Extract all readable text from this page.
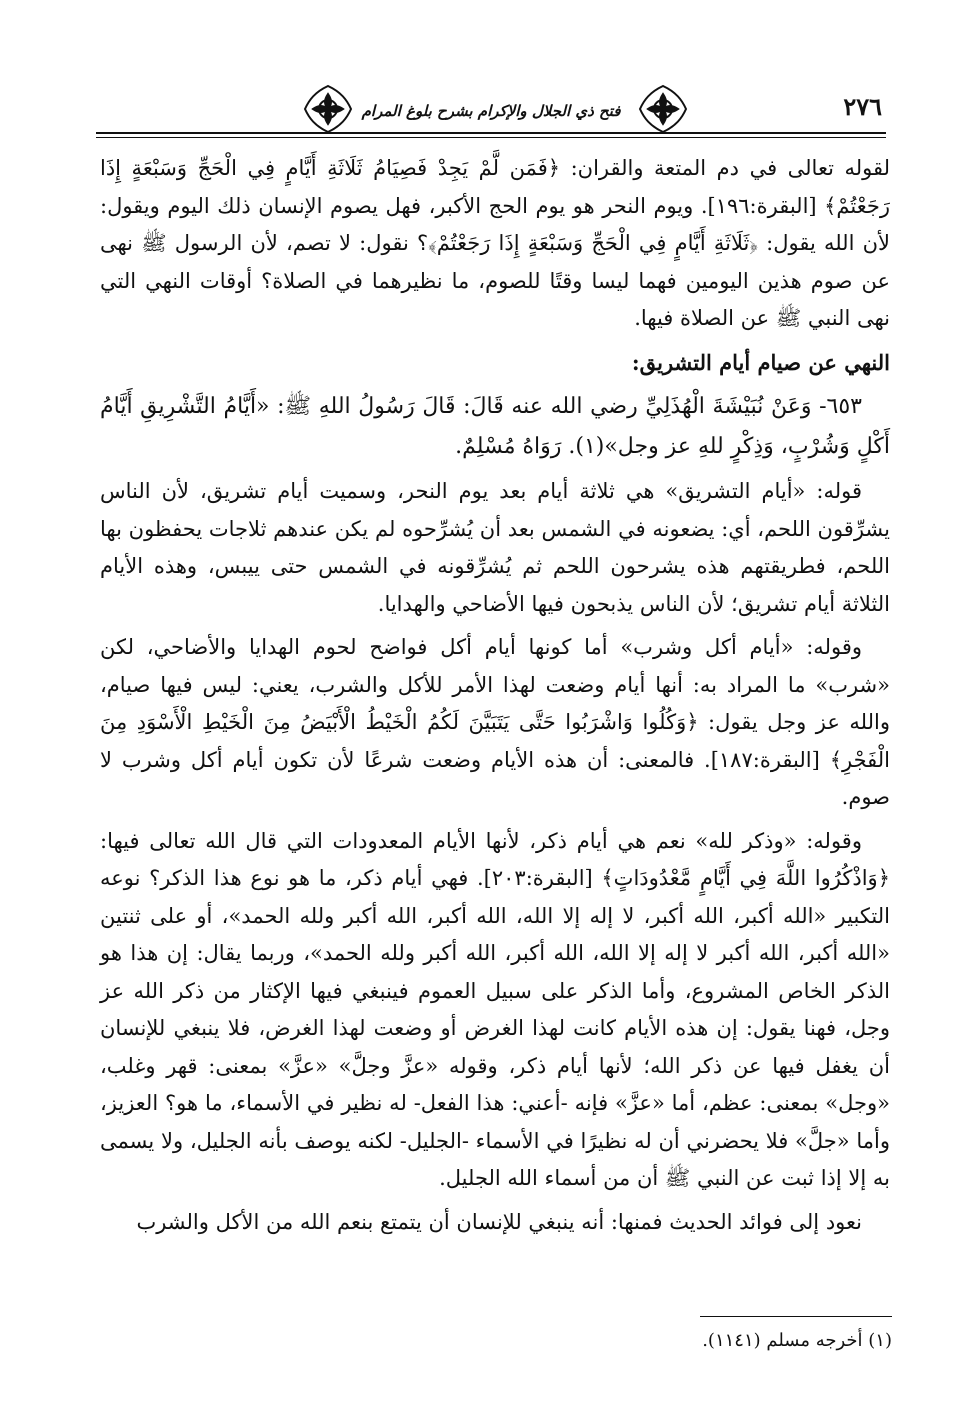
٢٧٦
فتح ذي الجلال والإكرام بشرح بلوغ المرام

لقوله تعالى في دم المتعة والقران: ﴿فَمَن لَّمْ يَجِدْ فَصِيَامُ ثَلَاثَةِ أَيَّامٍ فِي الْحَجِّ وَسَبْعَةٍ إِذَا رَجَعْتُمْ﴾ [البقرة:١٩٦]. ويوم النحر هو يوم الحج الأكبر، فهل يصوم الإنسان ذلك اليوم ويقول: لأن الله يقول: ﴿ثَلَاثَةِ أَيَّامٍ فِي الْحَجِّ وَسَبْعَةٍ إِذَا رَجَعْتُمْ﴾؟ نقول: لا تصم، لأن الرسول ﷺ نهى عن صوم هذين اليومين فهما ليسا وقتًا للصوم، ما نظيرهما في الصلاة؟ أوقات النهي التي نهى النبي ﷺ عن الصلاة فيها.

النهي عن صيام أيام التشريق:

٦٥٣- وَعَنْ نُبَيْشَةَ الْهُذَلِيِّ رضي الله عنه قَالَ: قَالَ رَسُولُ اللهِ ﷺ: «أَيَّامُ التَّشْرِيقِ أَيَّامُ أَكْلٍ وَشُرْبٍ، وَذِكْرٍ للهِ عز وجل»(١). رَوَاهُ مُسْلِمٌ.

قوله: «أيام التشريق» هي ثلاثة أيام بعد يوم النحر، وسميت أيام تشريق، لأن الناس يشرِّقون اللحم، أي: يضعونه في الشمس بعد أن يُشرِّحوه لم يكن عندهم ثلاجات يحفظون بها اللحم، فطريقتهم هذه يشرحون اللحم ثم يُشرِّقونه في الشمس حتى ييبس، وهذه الأيام الثلاثة أيام تشريق؛ لأن الناس يذبحون فيها الأضاحي والهدايا.

وقوله: «أيام أكل وشرب» أما كونها أيام أكل فواضح لحوم الهدايا والأضاحي، لكن «شرب» ما المراد به: أنها أيام وضعت لهذا الأمر للأكل والشرب، يعني: ليس فيها صيام، والله عز وجل يقول: ﴿وَكُلُوا وَاشْرَبُوا حَتَّى يَتَبَيَّنَ لَكُمُ الْخَيْطُ الْأَبْيَضُ مِنَ الْخَيْطِ الْأَسْوَدِ مِنَ الْفَجْرِ﴾ [البقرة:١٨٧]. فالمعنى: أن هذه الأيام وضعت شرعًا لأن تكون أيام أكل وشرب لا صوم.

وقوله: «وذكر لله» نعم هي أيام ذكر، لأنها الأيام المعدودات التي قال الله تعالى فيها: ﴿وَاذْكُرُوا اللَّهَ فِي أَيَّامٍ مَّعْدُودَاتٍ﴾ [البقرة:٢٠٣]. فهي أيام ذكر، ما هو نوع هذا الذكر؟ نوعه التكبير «الله أكبر، الله أكبر، لا إله إلا الله، الله أكبر، الله أكبر ولله الحمد»، أو على ثنتين «الله أكبر، الله أكبر لا إله إلا الله، الله أكبر، الله أكبر ولله الحمد»، وربما يقال: إن هذا هو الذكر الخاص المشروع، وأما الذكر على سبيل العموم فينبغي فيها الإكثار من ذكر الله عز وجل، فهنا يقول: إن هذه الأيام كانت لهذا الغرض أو وضعت لهذا الغرض، فلا ينبغي للإنسان أن يغفل فيها عن ذكر الله؛ لأنها أيام ذكر، وقوله «عزَّ وجلَّ» «عزَّ» بمعنى: قهر وغلب، «وجل» بمعنى: عظم، أما «عزَّ» فإنه -أعني: هذا الفعل- له نظير في الأسماء، ما هو؟ العزيز، وأما «جلَّ» فلا يحضرني أن له نظيرًا في الأسماء -الجليل- لكنه يوصف بأنه الجليل، ولا يسمى به إلا إذا ثبت عن النبي ﷺ أن من أسماء الله الجليل.

نعود إلى فوائد الحديث فمنها: أنه ينبغي للإنسان أن يتمتع بنعم الله من الأكل والشرب

(١) أخرجه مسلم (١١٤١).
